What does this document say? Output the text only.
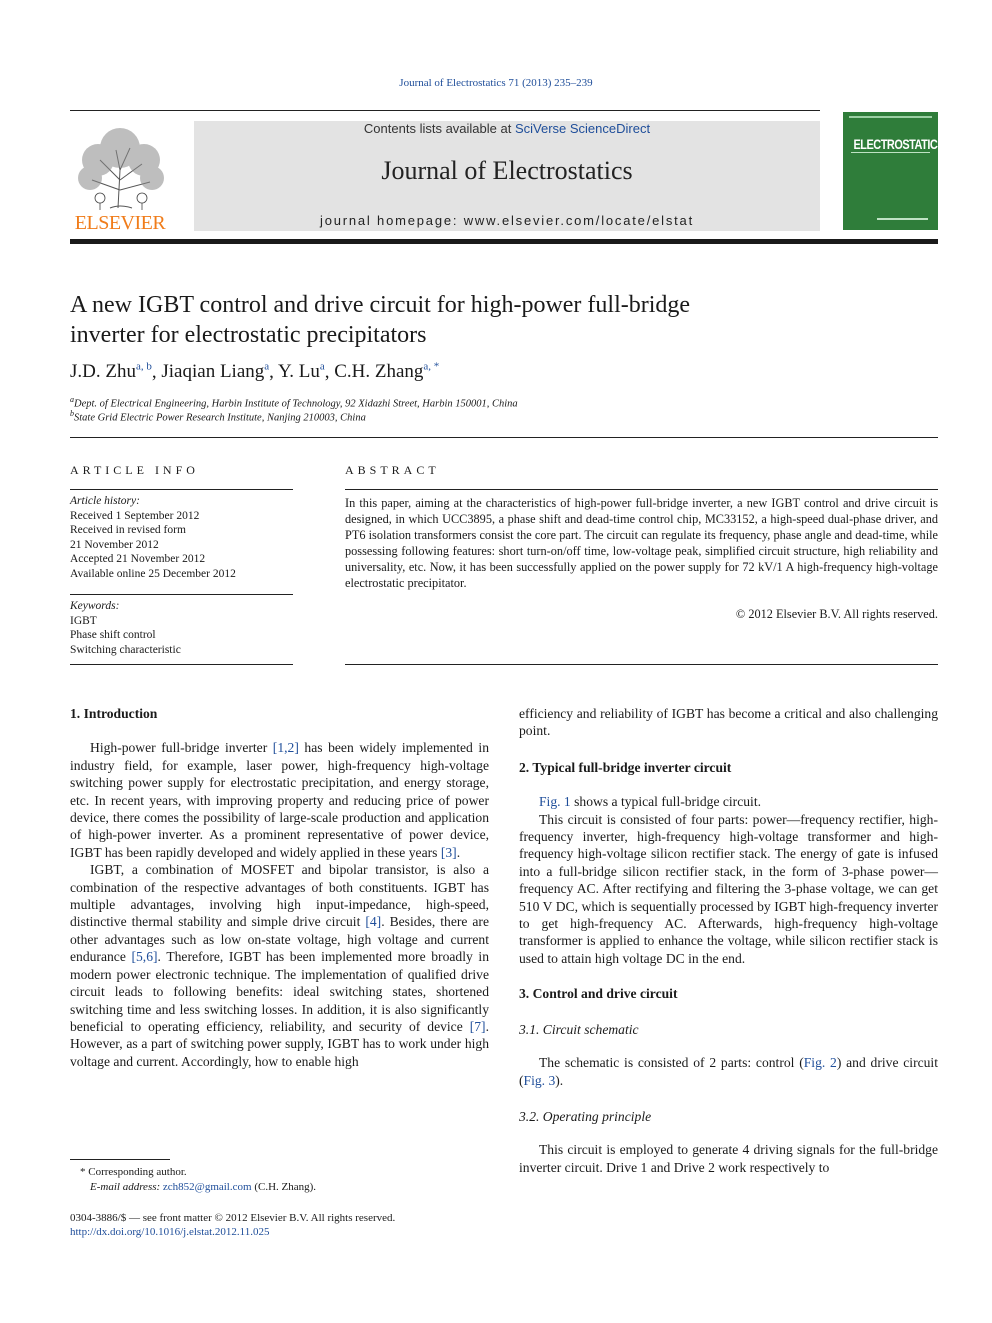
Journal of Electrostatics 71 (2013) 235–239
ELSEVIER
Contents lists available at SciVerse ScienceDirect
Journal of Electrostatics
journal homepage: www.elsevier.com/locate/elstat
ELECTROSTATICS
A new IGBT control and drive circuit for high-power full-bridge
inverter for electrostatic precipitators
J.D. Zhu$^{a, b}$, Jiaqian Liang$^a$, Y. Lu$^a$, C.H. Zhang$^{a, *}$
$^a$Dept. of Electrical Engineering, Harbin Institute of Technology, 92 Xidazhi Street, Harbin 150001, China
$^b$State Grid Electric Power Research Institute, Nanjing 210003, China
ARTICLE INFO
Article history:
Received 1 September 2012
Received in revised form
21 November 2012
Accepted 21 November 2012
Available online 25 December 2012
Keywords:
IGBT
Phase shift control
Switching characteristic
ABSTRACT
In this paper, aiming at the characteristics of high-power full-bridge inverter, a new IGBT control and drive circuit is designed, in which UCC3895, a phase shift and dead-time control chip, MC33152, a high-speed dual-phase driver, and PT6 isolation transformers consist the core part. The circuit can regulate its frequency, phase angle and dead-time, while possessing following features: short turn-on/off time, low-voltage peak, simplified circuit structure, high reliability and universality, etc. Now, it has been successfully applied on the power supply for 72 kV/1 A high-frequency high-voltage electrostatic precipitator.
© 2012 Elsevier B.V. All rights reserved.

1. Introduction

High-power full-bridge inverter [1,2] has been widely implemented in industry field, for example, laser power, high-frequency high-voltage switching power supply for electrostatic precipitation, and energy storage, etc. In recent years, with improving property and reducing price of power device, there comes the possibility of large-scale production and application of high-power inverter. As a prominent representative of power device, IGBT has been rapidly developed and widely applied in these years [3].

IGBT, a combination of MOSFET and bipolar transistor, is also a combination of the respective advantages of both constituents. IGBT has multiple advantages, involving high input-impedance, high-speed, distinctive thermal stability and simple drive circuit [4]. Besides, there are other advantages such as low on-state voltage, high voltage and current endurance [5,6]. Therefore, IGBT has been implemented more broadly in modern power electronic technique. The implementation of qualified drive circuit leads to following benefits: ideal switching states, shortened switching time and less switching losses. In addition, it is also significantly beneficial to operating efficiency, reliability, and security of device [7]. However, as a part of switching power supply, IGBT has to work under high voltage and current. Accordingly, how to enable high

efficiency and reliability of IGBT has become a critical and also challenging point.

2. Typical full-bridge inverter circuit

Fig. 1 shows a typical full-bridge circuit.

This circuit is consisted of four parts: power—frequency rectifier, high-frequency inverter, high-frequency high-voltage transformer and high-frequency high-voltage silicon rectifier stack. The energy of gate is infused into a full-bridge silicon rectifier stack, in the form of 3-phase power—frequency AC. After rectifying and filtering the 3-phase voltage, we can get 510 V DC, which is sequentially processed by IGBT high-frequency inverter to get high-frequency AC. Afterwards, high-frequency high-voltage transformer is applied to enhance the voltage, while silicon rectifier stack is used to attain high voltage DC in the end.

3. Control and drive circuit

3.1. Circuit schematic

The schematic is consisted of 2 parts: control (Fig. 2) and drive circuit (Fig. 3).

3.2. Operating principle

This circuit is employed to generate 4 driving signals for the full-bridge inverter circuit. Drive 1 and Drive 2 work respectively to

* Corresponding author.
E-mail address: zch852@gmail.com (C.H. Zhang).
0304-3886/$ — see front matter © 2012 Elsevier B.V. All rights reserved.
http://dx.doi.org/10.1016/j.elstat.2012.11.025
